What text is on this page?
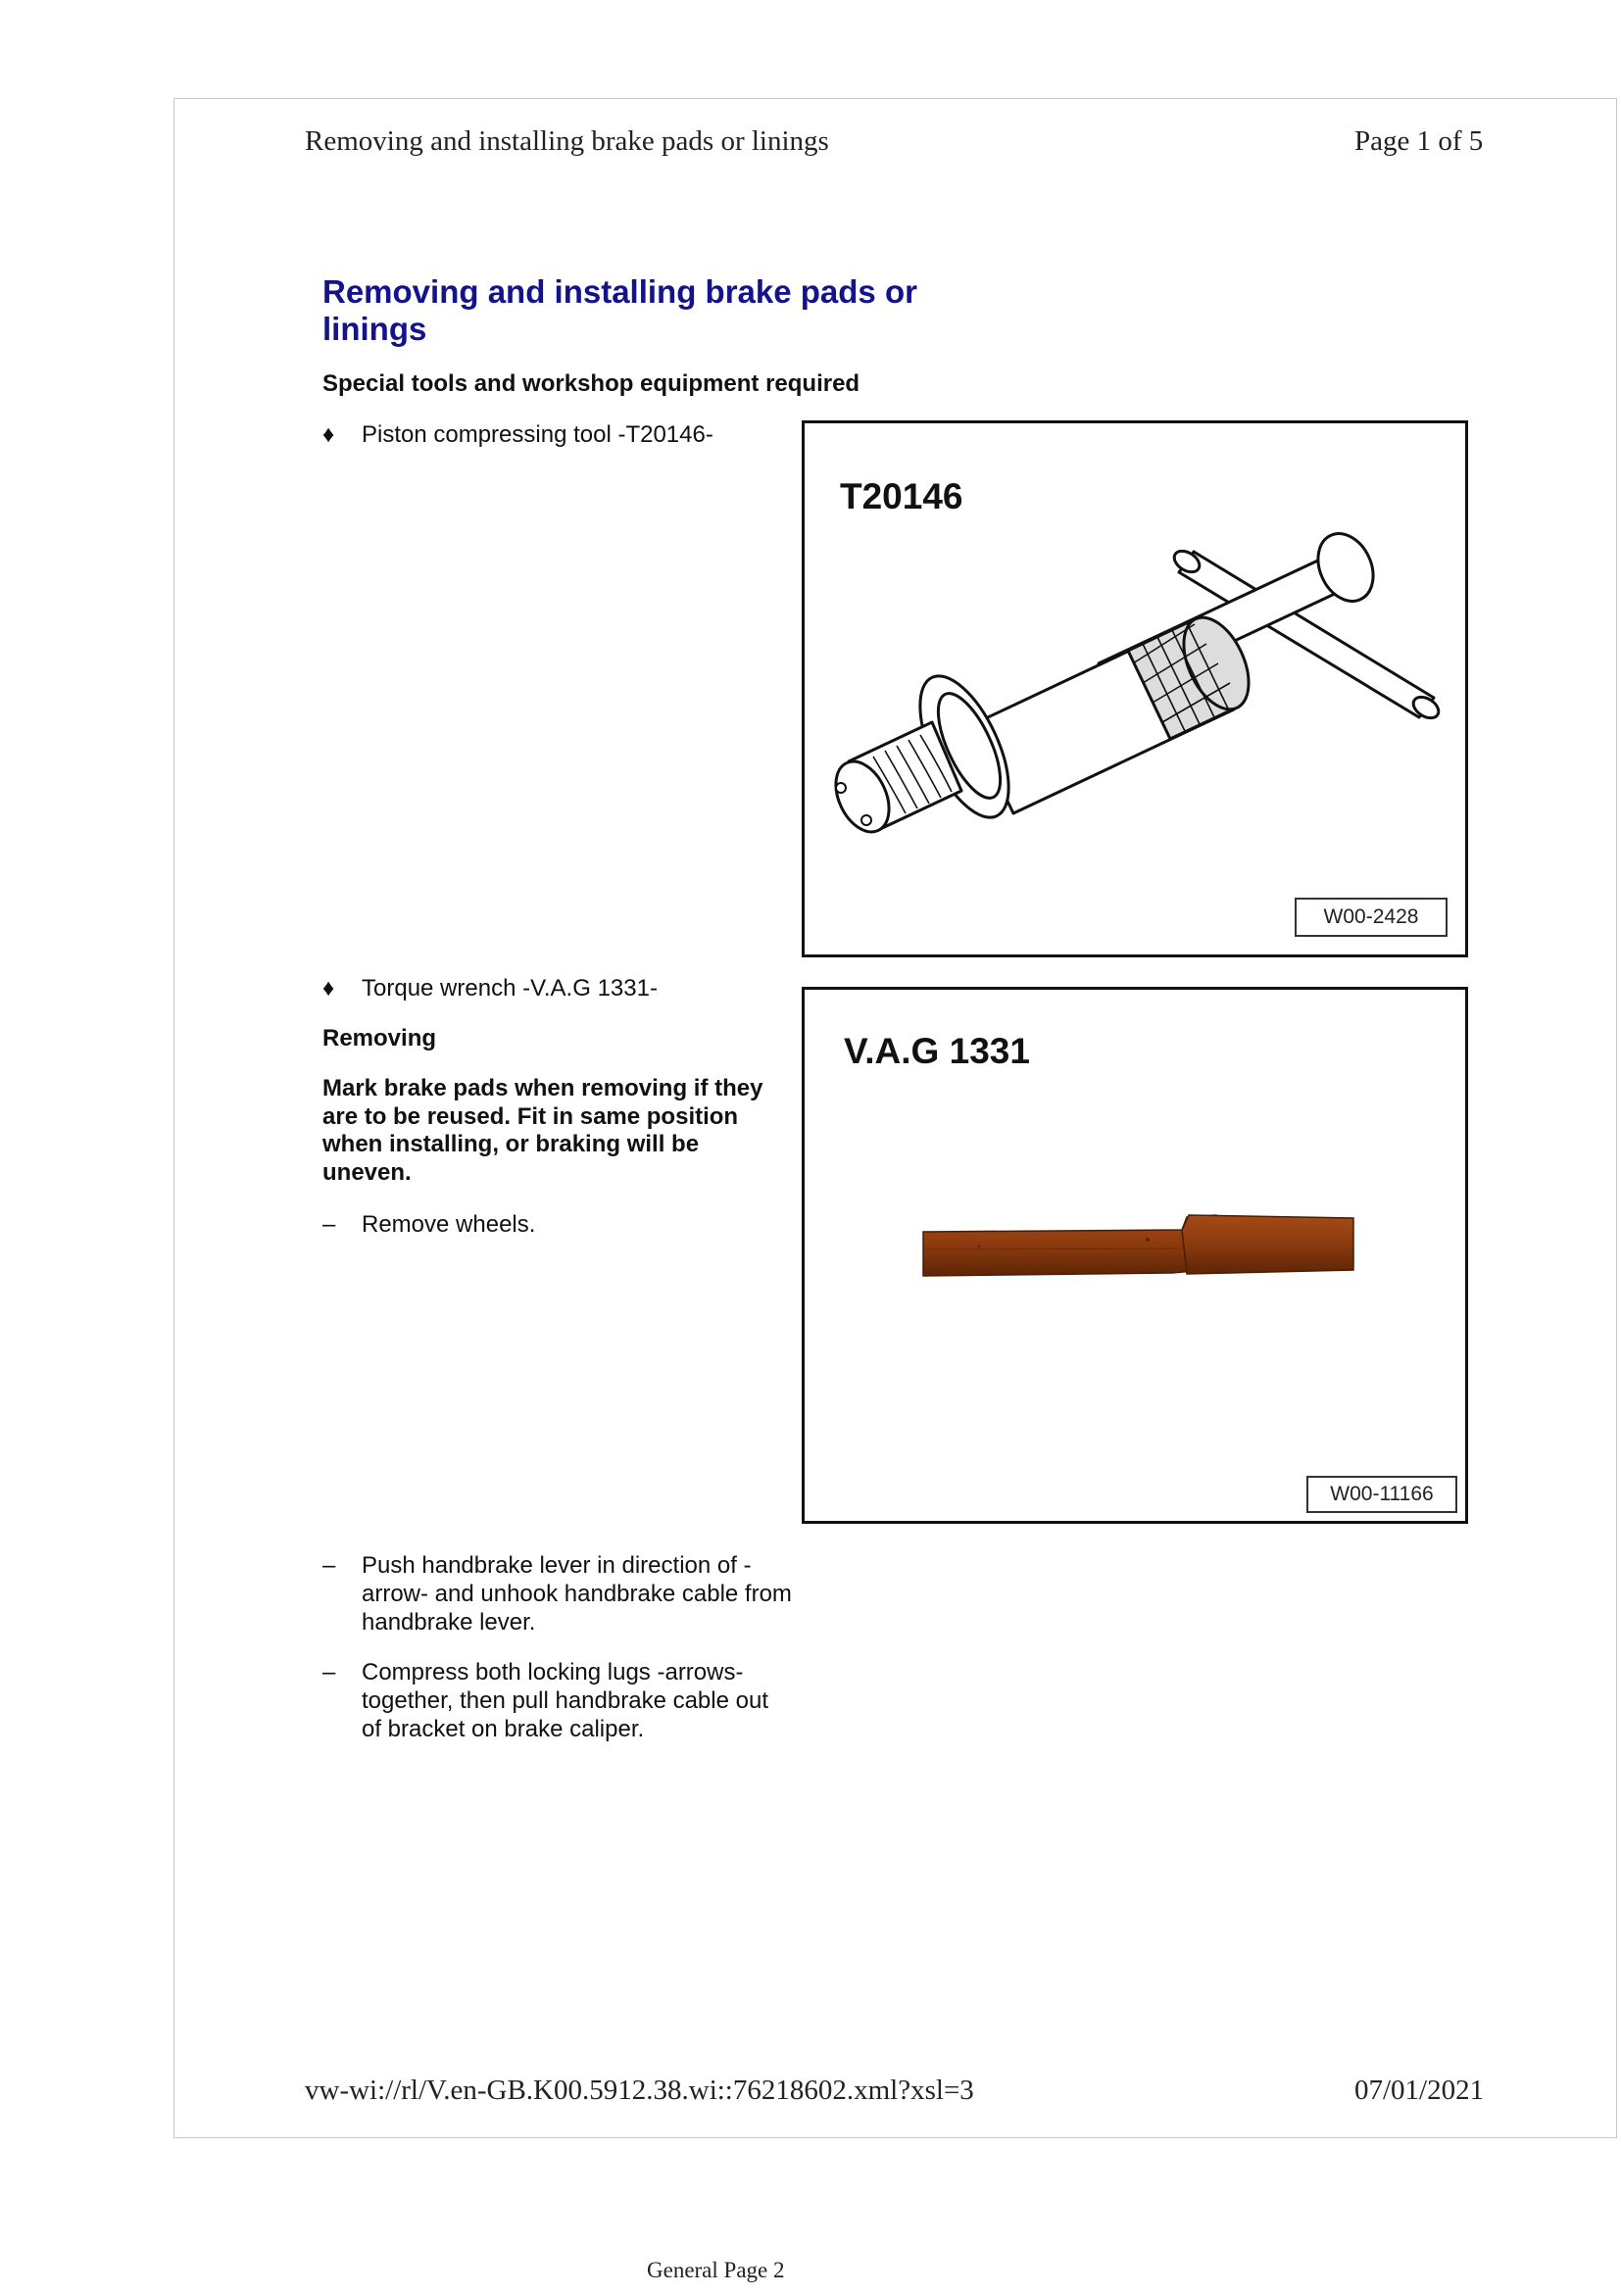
Removing and installing brake pads or linings	Page 1 of 5
Removing and installing brake pads or linings
Special tools and workshop equipment required
♦ Piston compressing tool -T20146-
T20146
W00-2428
♦ Torque wrench -V.A.G 1331-
Removing
Mark brake pads when removing if they are to be reused. Fit in same position when installing, or braking will be uneven.
– Remove wheels.
V.A.G 1331
W00-11166
– Push handbrake lever in direction of -arrow- and unhook handbrake cable from handbrake lever.
– Compress both locking lugs -arrows- together, then pull handbrake cable out of bracket on brake caliper.
vw-wi://rl/V.en-GB.K00.5912.38.wi::76218602.xml?xsl=3	07/01/2021
General Page 2
